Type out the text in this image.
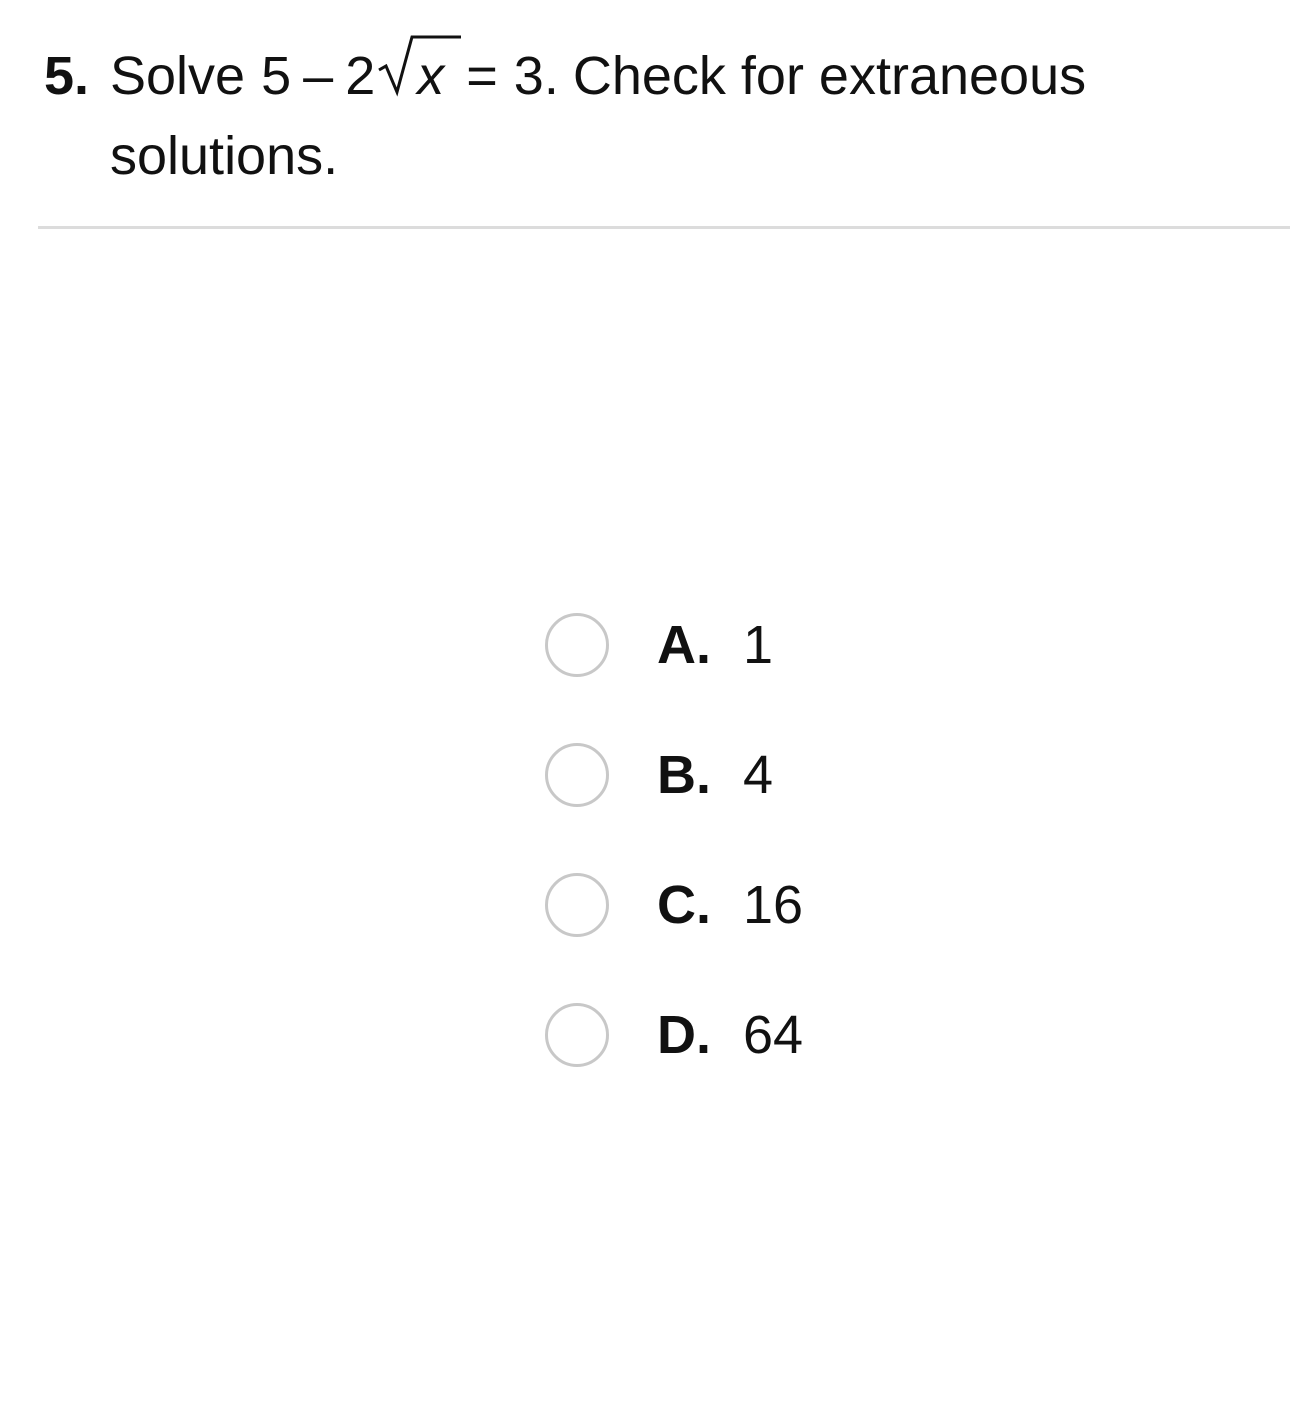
5. Solve 5 – 2 x = 3 . Check for extraneous
solutions.
A. 1
B. 4
C. 16
D. 64
